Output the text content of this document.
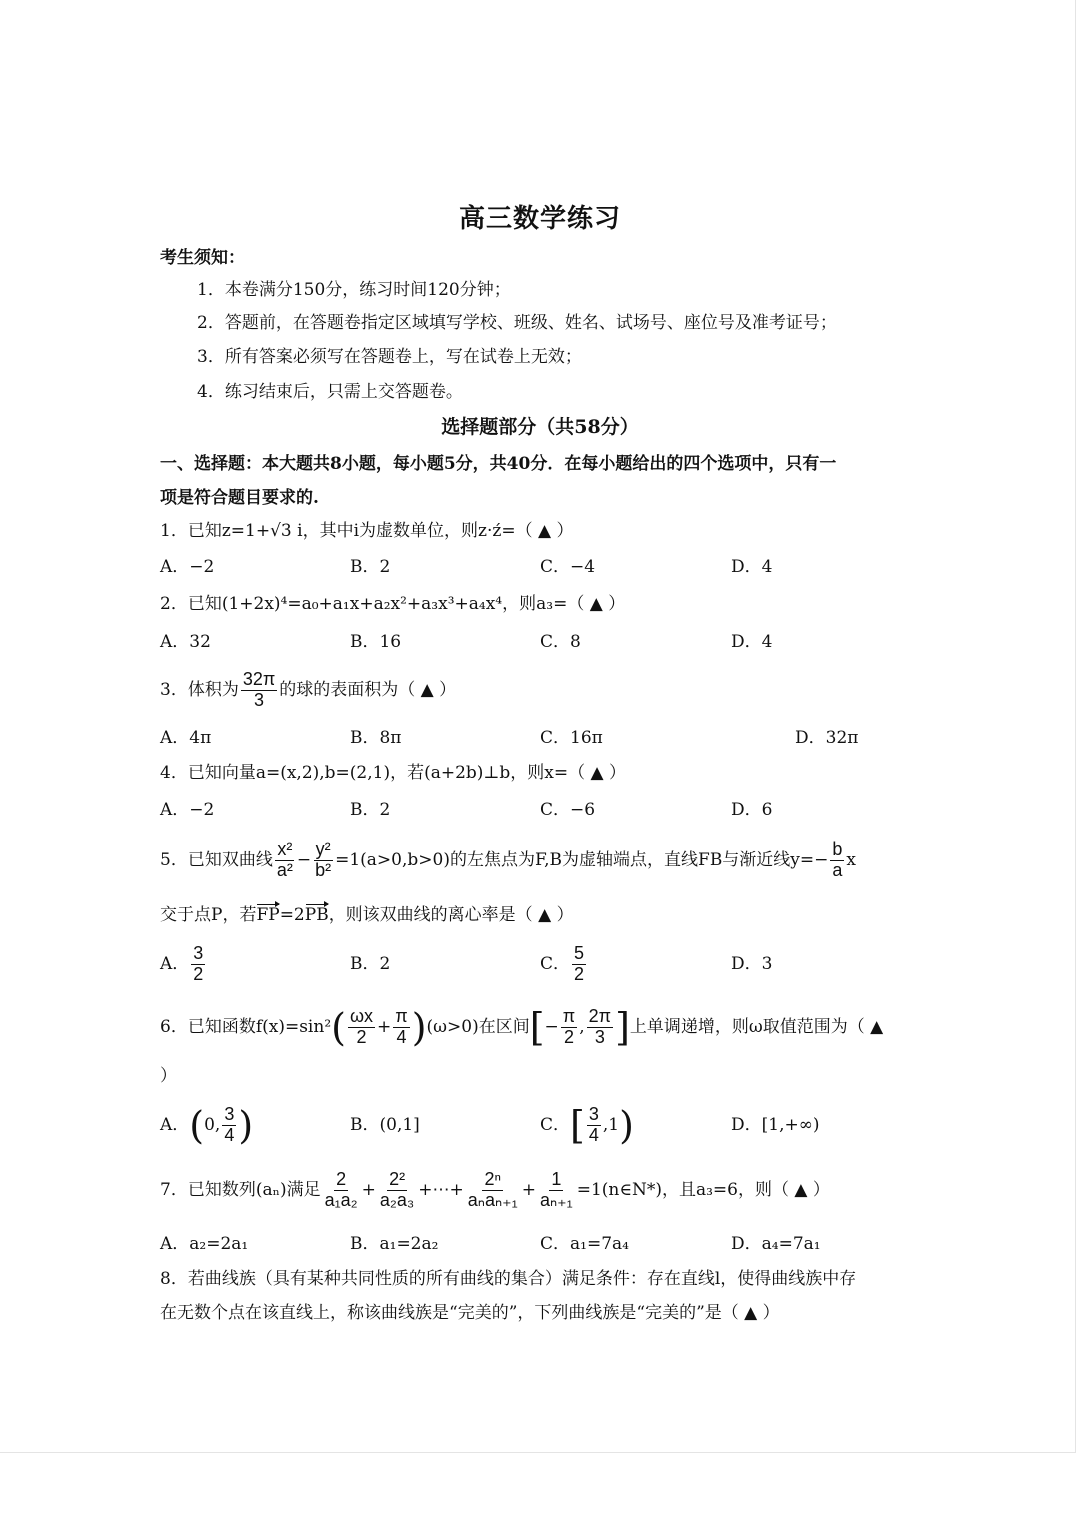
高三数学练习
考生须知：
1．本卷满分150分，练习时间120分钟；
2．答题前，在答题卷指定区域填写学校、班级、姓名、试场号、座位号及准考证号；
3．所有答案必须写在答题卷上，写在试卷上无效；
4．练习结束后，只需上交答题卷。
选择题部分（共58分）
一、选择题：本大题共8小题，每小题5分，共40分．在每小题给出的四个选项中，只有一
项是符合题目要求的.
1．已知z=1+√3 i，其中i为虚数单位，则z·ź=（ ▲ ）
A．−2	B．2	C．−4	D．4
2．已知(1+2x)⁴=a₀+a₁x+a₂x²+a₃x³+a₄x⁴，则a₃=（ ▲ ）
A．32	B．16	C．8	D．4
3．体积为 $\frac{32\pi}{3}$ 的球的表面积为（ ▲ ）
A．4π	B．8π	C．16π	D．32π
4．已知向量a=(x,2),b=(2,1)，若(a+2b)⊥b，则x=（ ▲ ）
A．−2	B．2	C．−6	D．6
5．已知双曲线 $\frac{\text{x²}}{\text{a²}} - \frac{\text{y²}}{\text{b²}} =1(a>0,b>0)$的左焦点为F,B为虚轴端点，直线FB与渐近线$y=- \frac{b}{a}$ x
交于点P，若FP=2PB，则该双曲线的离心率是（ ▲ ）
A． $\frac{3}{2}$	B．2	C． $\frac{5}{2}$	D．3
6．已知函数$f(x)=\sin^2( \frac{\omega x}{2} + \frac{\pi}{4} )(\omega>0)$在区间[− $\frac{\pi}{2}$ , $\frac{2\pi}{3}$ ]上单调递增，则ω取值范围为（ ▲
）
A．(0, $\frac{3}{4}$ )	B．(0,1]	C．[ $\frac{3}{4} ,1$)	D．[1,+∞)
7．已知数列(aₙ)满足 $\frac{2}{\text{a₁a₂}} + \frac{\text{2²}}{\text{a₂a₃}}$ +⋯+ $\frac{\text{2ⁿ}}{\text{aₙaₙ₊₁}} + \frac{1}{\text{aₙ₊₁}}$ =1(n∈N*)，且a₃=6，则（ ▲ ）
A．a₂=2a₁	B．a₁=2a₂	C．a₁=7a₄	D．a₄=7a₁
8．若曲线族（具有某种共同性质的所有曲线的集合）满足条件：存在直线l，使得曲线族中存
在无数个点在该直线上，称该曲线族是“完美的”，下列曲线族是“完美的”是（ ▲ ）
